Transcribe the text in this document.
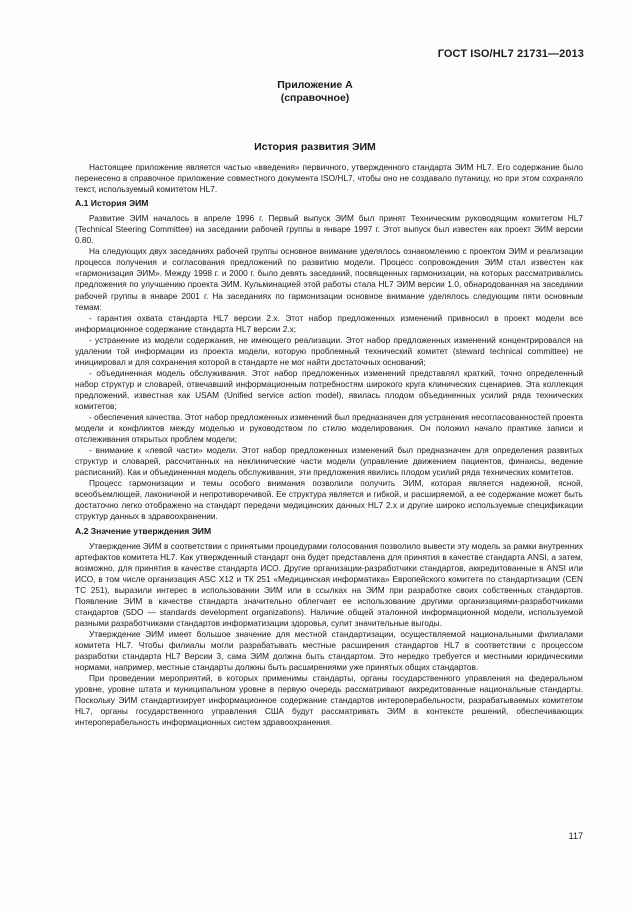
ГОСТ ISO/HL7 21731—2013
Приложение А
(справочное)
История развития ЭИМ

Настоящее приложение является частью «введения» первичного, утвержденного стандарта ЭИМ HL7. Его содержание было перенесено в справочное приложение совместного документа ISO/HL7, чтобы оно не создавало путаницу, но при этом сохраняло текст, используемый комитетом HL7.

А.1 История ЭИМ

Развитие ЭИМ началось в апреле 1996 г. Первый выпуск ЭИМ был принят Техническим руководящим комитетом HL7 (Technical Steering Committee) на заседании рабочей группы в январе 1997 г. Этот выпуск был известен как проект ЭИМ версии 0.80.

На следующих двух заседаниях рабочей группы основное внимание уделялось ознакомлению с проектом ЭИМ и реализации процесса получения и согласования предложений по развитию модели. Процесс сопровождения ЭИМ стал известен как «гармонизация ЭИМ». Между 1998 г. и 2000 г. было девять заседаний, посвященных гармонизации, на которых рассматривались предложения по улучшению проекта ЭИМ. Кульминацией этой работы стала HL7 ЭИМ версии 1.0, обнародованная на заседании рабочей группы в январе 2001 г. На заседаниях по гармонизации основное внимание уделялось следующим пяти основным темам:

- гарантия охвата стандарта HL7 версии 2.x. Этот набор предложенных изменений привносил в проект модели все информационное содержание стандарта HL7 версии 2.x;

- устранение из модели содержания, не имеющего реализации. Этот набор предложенных изменений концентрировался на удалении той информации из проекта модели, которую проблемный технический комитет (steward technical committee) не инициировал и для сохранения которой в стандарте не мог найти достаточных оснований;

- объединенная модель обслуживания. Этот набор предложенных изменений представлял краткий, точно определенный набор структур и словарей, отвечавший информационным потребностям широкого круга клинических сценариев. Эта коллекция предложений, известная как USAM (Unified service action model), явилась плодом объединенных усилий ряда технических комитетов;

- обеспечения качества. Этот набор предложенных изменений был предназначен для устранения несогласованностей проекта модели и конфликтов между моделью и руководством по стилю моделирования. Он положил начало практике записи и отслеживания открытых проблем модели;

- внимание к «левой части» модели. Этот набор предложенных изменений был предназначен для определения развитых структур и словарей, рассчитанных на неклинические части модели (управление движением пациентов, финансы, ведение расписаний). Как и объединенная модель обслуживания, эти предложения явились плодом усилий ряда технических комитетов.

Процесс гармонизации и темы особого внимания позволили получить ЭИМ, которая является надежной, ясной, всеобъемлющей, лаконичной и непротиворечивой. Ее структура является и гибкой, и расширяемой, а ее содержание может быть достаточно легко отображено на стандарт передачи медицинских данных HL7 2.x и другие широко используемые спецификации структур данных в здравоохранении.

А.2 Значение утверждения ЭИМ

Утверждение ЭИМ в соответствии с принятыми процедурами голосования позволило вывести эту модель за рамки внутренних артефактов комитета HL7. Как утвержденный стандарт она будет представлена для принятия в качестве стандарта ANSI, а затем, возможно, для принятия в качестве стандарта ИСО. Другие организации-разработчики стандартов, аккредитованные в ANSI или ИСО, в том числе организация ASC X12 и ТК 251 «Медицинская информатика» Европейского комитета по стандартизации (CEN TC 251), выразили интерес в использовании ЭИМ или в ссылках на ЭИМ при разработке своих собственных стандартов. Появление ЭИМ в качестве стандарта значительно облегчает ее использование другими организациями-разработчиками стандартов (SDO — standards development organizations). Наличие общей эталонной информационной модели, используемой разными разработчиками стандартов информатизации здоровья, сулит значительные выгоды.

Утверждение ЭИМ имеет большое значение для местной стандартизации, осуществляемой национальными филиалами комитета HL7. Чтобы филиалы могли разрабатывать местные расширения стандартов HL7 в соответствии с процессом разработки стандарта HL7 Версии 3, сама ЭИМ должна быть стандартом. Это нередко требуется и местными юридическими нормами, например, местные стандарты должны быть расширениями уже принятых общих стандартов.

При проведении мероприятий, в которых применимы стандарты, органы государственного управления на федеральном уровне, уровне штата и муниципальном уровне в первую очередь рассматривают аккредитованные национальные стандарты. Поскольку ЭИМ стандартизирует информационное содержание стандартов интероперабельности, разрабатываемых комитетом HL7, органы государственного управления США будут рассматривать ЭИМ в контексте решений, обеспечивающих интероперабельность информационных систем здравоохранения.

117
